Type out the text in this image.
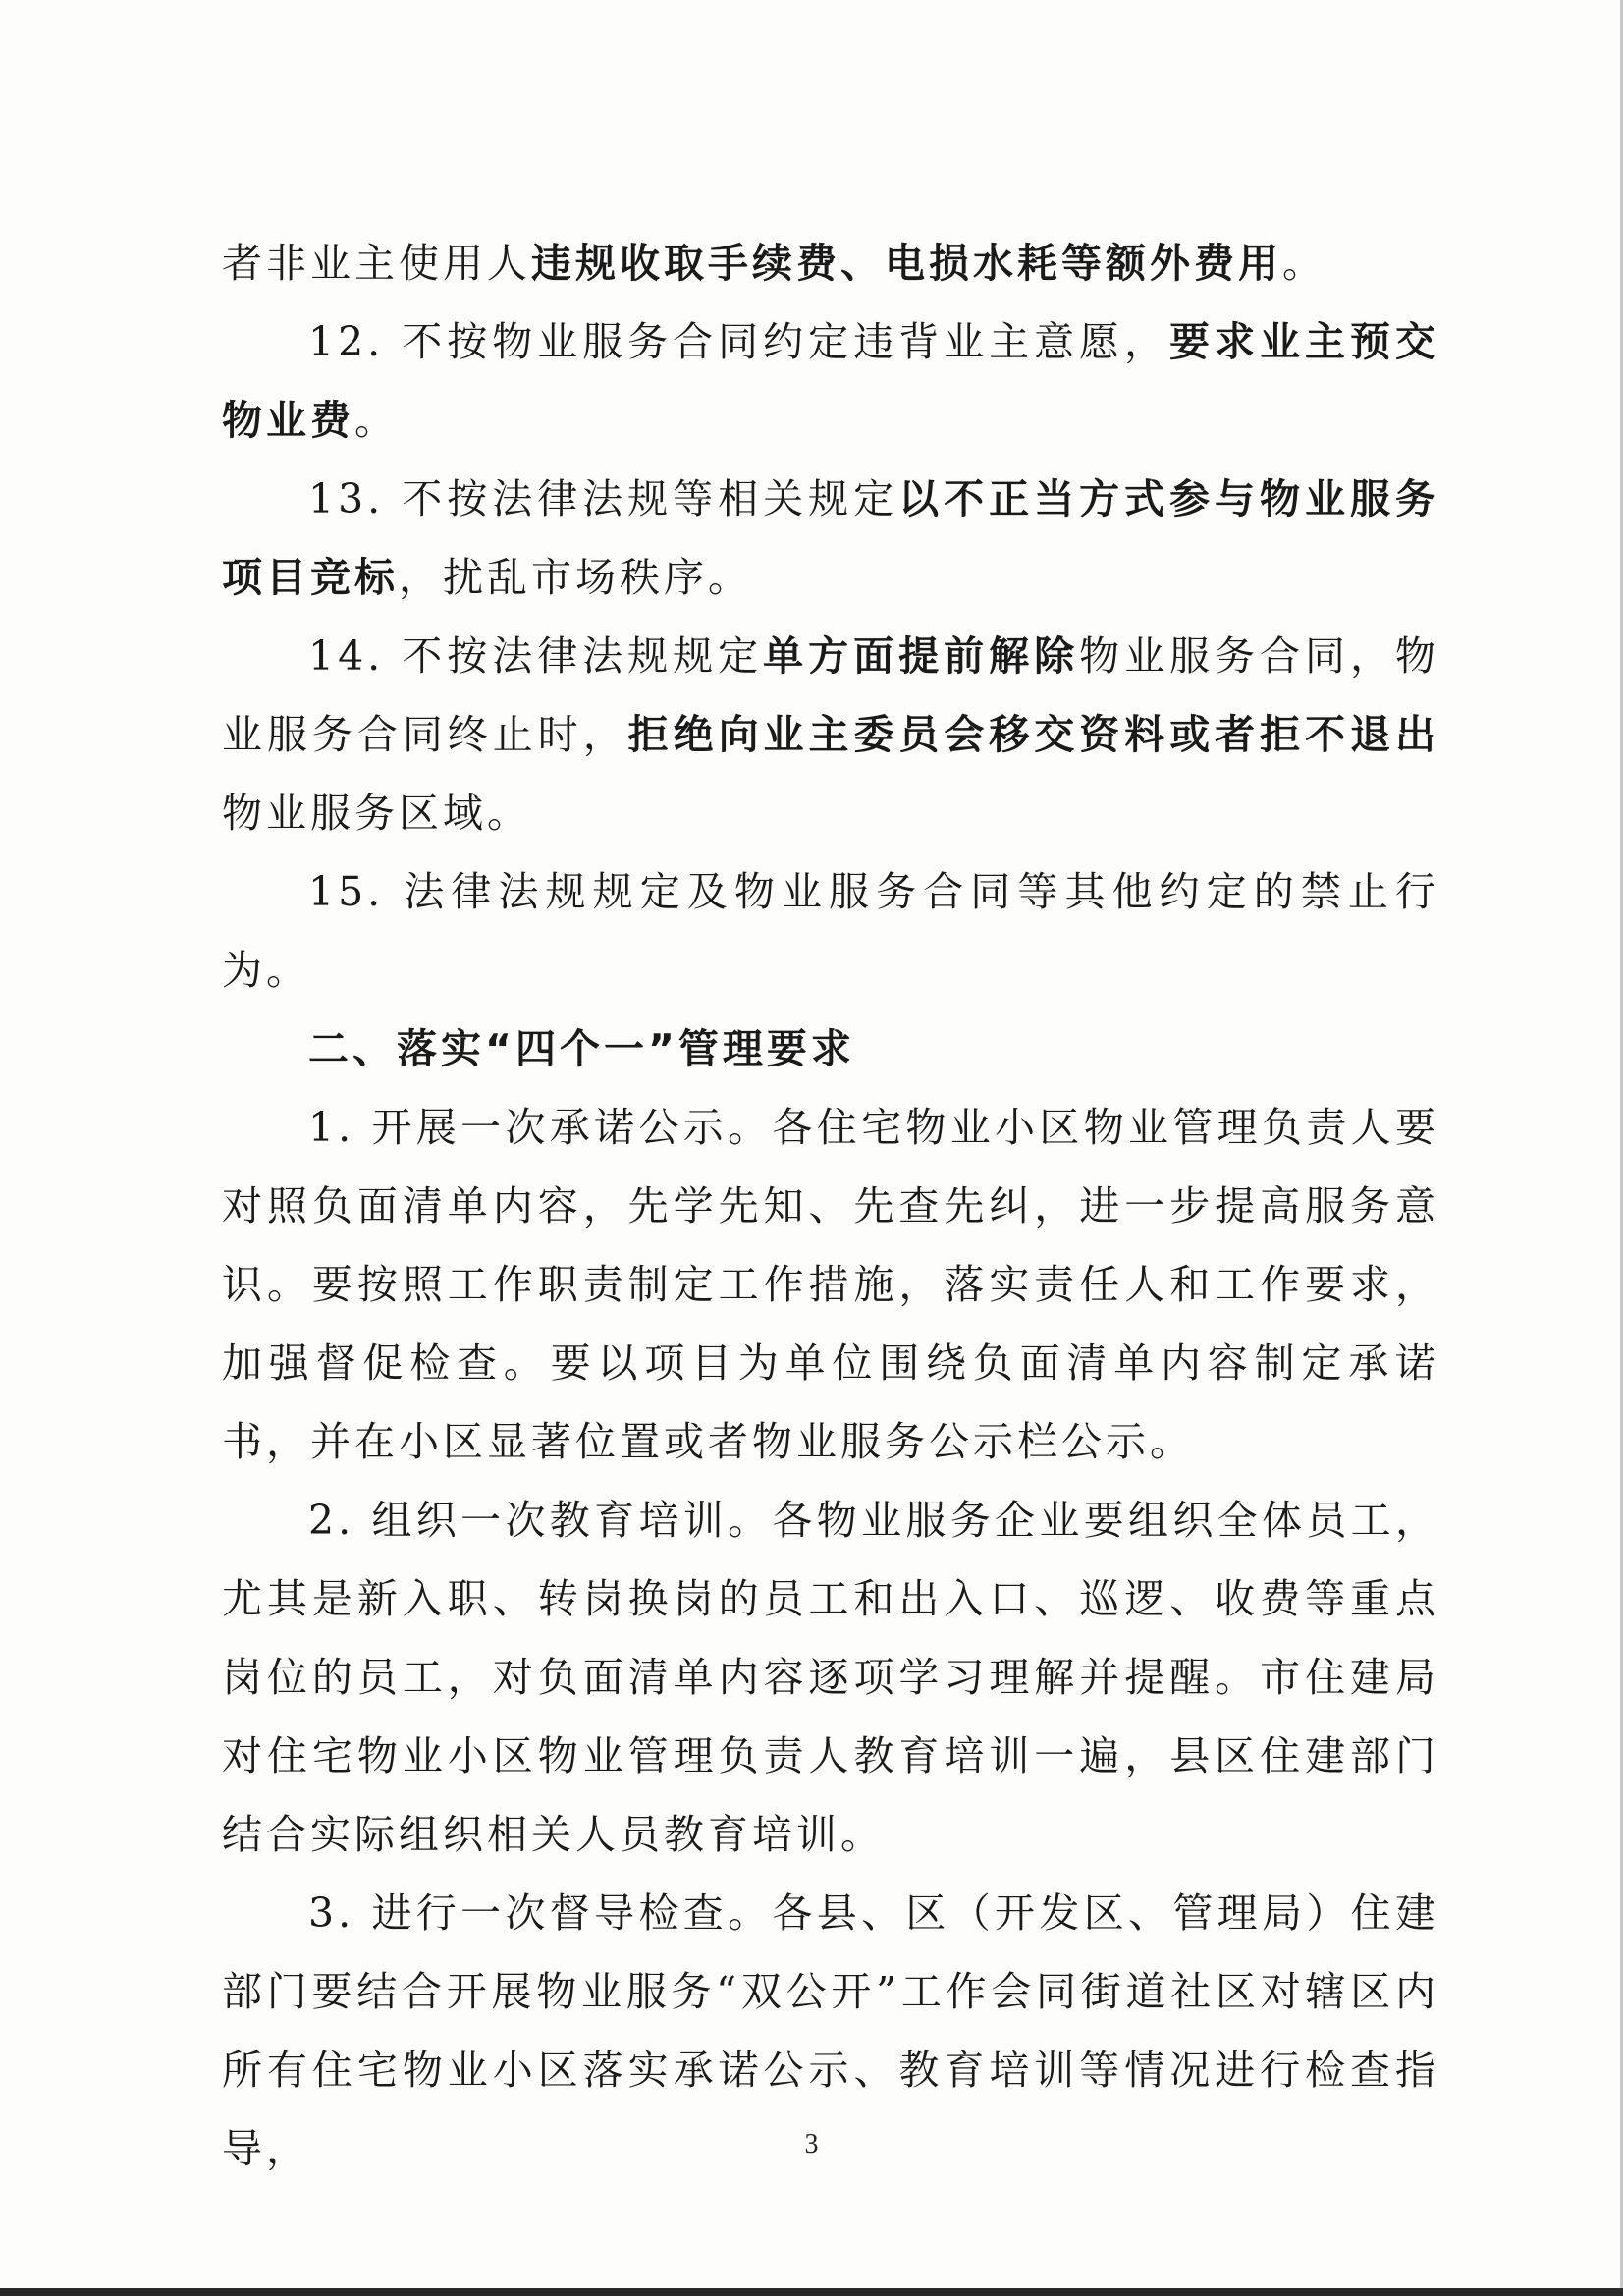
者非业主使用人违规收取手续费、电损水耗等额外费用。

12. 不按物业服务合同约定违背业主意愿，要求业主预交物业费。

13. 不按法律法规等相关规定以不正当方式参与物业服务项目竞标，扰乱市场秩序。

14. 不按法律法规规定单方面提前解除物业服务合同，物业服务合同终止时，拒绝向业主委员会移交资料或者拒不退出物业服务区域。

15. 法律法规规定及物业服务合同等其他约定的禁止行为。

二、落实“四个一”管理要求

1. 开展一次承诺公示。各住宅物业小区物业管理负责人要对照负面清单内容，先学先知、先查先纠，进一步提高服务意识。要按照工作职责制定工作措施，落实责任人和工作要求，加强督促检查。要以项目为单位围绕负面清单内容制定承诺书，并在小区显著位置或者物业服务公示栏公示。

2. 组织一次教育培训。各物业服务企业要组织全体员工，尤其是新入职、转岗换岗的员工和出入口、巡逻、收费等重点岗位的员工，对负面清单内容逐项学习理解并提醒。市住建局对住宅物业小区物业管理负责人教育培训一遍，县区住建部门结合实际组织相关人员教育培训。

3. 进行一次督导检查。各县、区（开发区、管理局）住建部门要结合开展物业服务“双公开”工作会同街道社区对辖区内所有住宅物业小区落实承诺公示、教育培训等情况进行检查指导，	3
